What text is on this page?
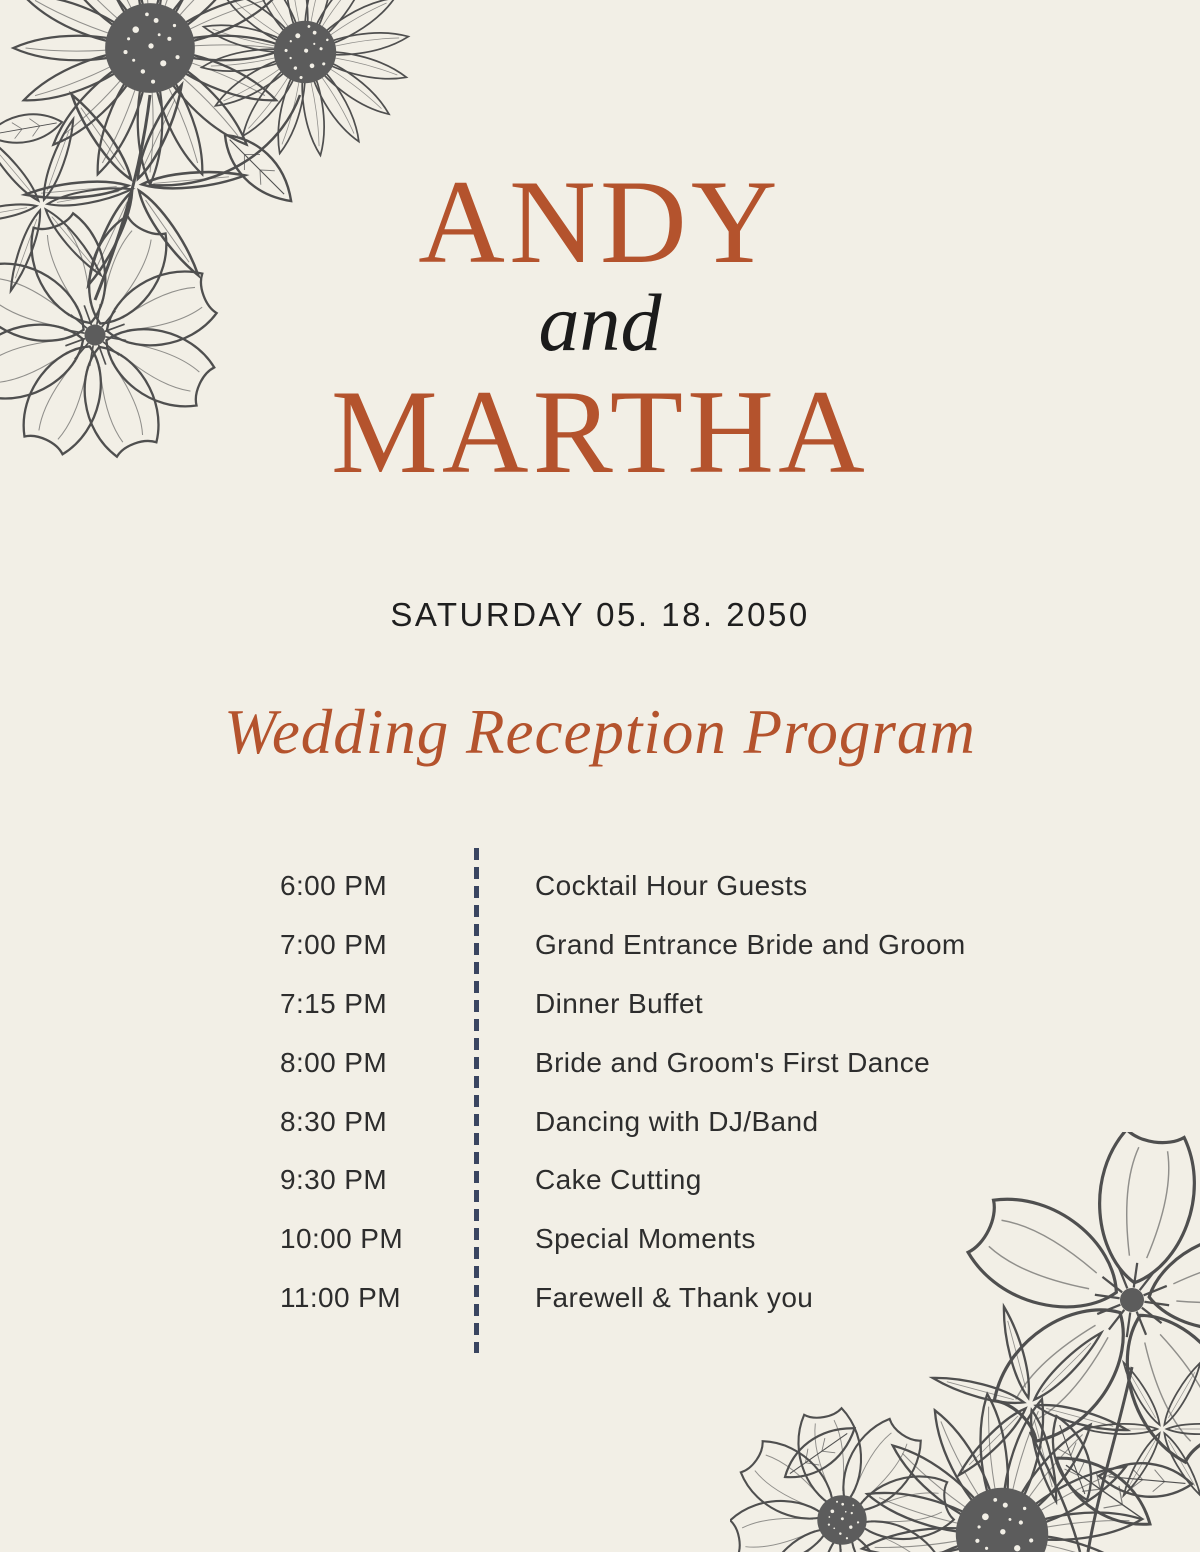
ANDY
and
MARTHA
SATURDAY 05. 18. 2050
Wedding Reception Program
6:00 PM	Cocktail Hour Guests
7:00 PM	Grand Entrance Bride and Groom
7:15 PM	Dinner Buffet
8:00 PM	Bride and Groom's First Dance
8:30 PM	Dancing with DJ/Band
9:30 PM	Cake Cutting
10:00 PM	Special Moments
11:00 PM	Farewell & Thank you
